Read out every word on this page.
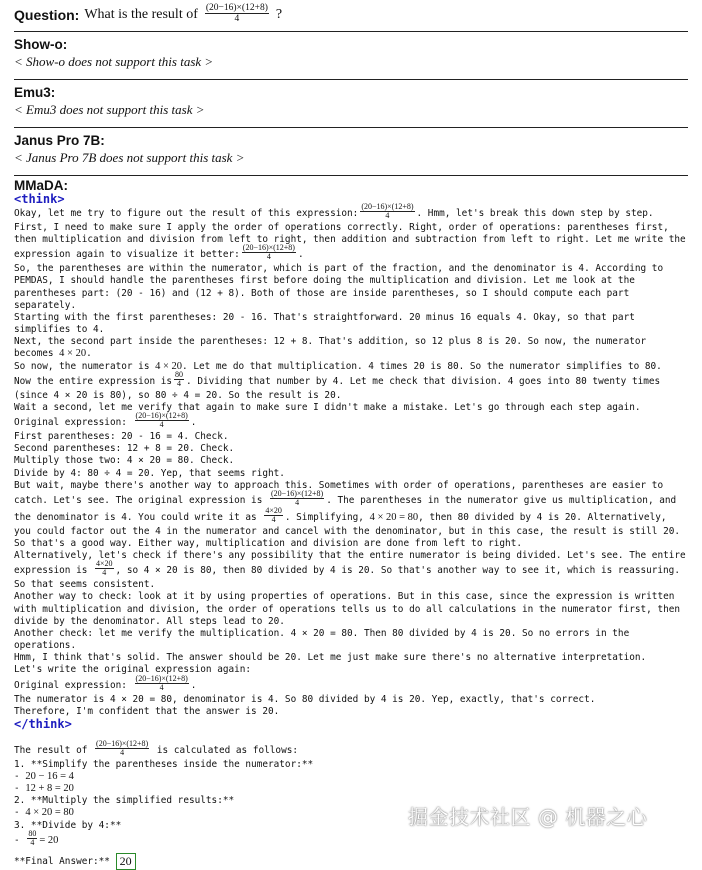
Question: What is the result of $\frac{(20-16)\times(12+8)}{4}$ ?
Show-o:
< Show-o does not support this task >
Emu3:
< Emu3 does not support this task >
Janus Pro 7B:
< Janus Pro 7B does not support this task >
MMaDA:
<think>

Okay, let me try to figure out the result of this expression: $\frac{(20-16)\times(12+8)}{4}$ . Hmm, let's break this down step by step. First, I need to make sure I apply the order of operations correctly. Right, order of operations: parentheses first, then multiplication and division from left to right, then addition and subtraction from left to right. Let me write the expression again to visualize it better: $\frac{(20-16)\times(12+8)}{4}$ .

So, the parentheses are within the numerator, which is part of the fraction, and the denominator is 4. According to PEMDAS, I should handle the parentheses first before doing the multiplication and division. Let me look at the parentheses part: (20 - 16) and (12 + 8). Both of those are inside parentheses, so I should compute each part separately.

Starting with the first parentheses: 20 - 16. That's straightforward. 20 minus 16 equals 4. Okay, so that part simplifies to 4.

Next, the second part inside the parentheses: 12 + 8. That's addition, so 12 plus 8 is 20. So now, the numerator becomes 4 × 20.

So now, the numerator is 4 × 20. Let me do that multiplication. 4 times 20 is 80. So the numerator simplifies to 80.

Now the entire expression is $\frac{80}{4}$ . Dividing that number by 4. Let me check that division. 4 goes into 80 twenty times (since 4 × 20 is 80), so 80 ÷ 4 = 20. So the result is 20.

Wait a second, let me verify that again to make sure I didn't make a mistake. Let's go through each step again.

Original expression: $\frac{(20-16)\times(12+8)}{4}$ .

First parentheses: 20 - 16 = 4. Check.

Second parentheses: 12 + 8 = 20. Check.

Multiply those two: 4 × 20 = 80. Check.

Divide by 4: 80 ÷ 4 = 20. Yep, that seems right.

But wait, maybe there's another way to approach this. Sometimes with order of operations, parentheses are easier to catch. Let's see. The original expression is $\frac{(20-16)\times(12+8)}{4}$ . The parentheses in the numerator give us multiplication, and the denominator is 4. You could write it as $\frac{4\times 20}{4}$ . Simplifying, 4 × 20 = 80, then 80 divided by 4 is 20. Alternatively, you could factor out the 4 in the numerator and cancel with the denominator, but in this case, the result is still 20. So that's a good way. Either way, multiplication and division are done from left to right.

Alternatively, let's check if there's any possibility that the entire numerator is being divided. Let's see. The entire expression is $\frac{4\times 20}{4}$ , so 4 × 20 is 80, then 80 divided by 4 is 20. So that's another way to see it, which is reassuring. So that seems consistent.

Another way to check: look at it by using properties of operations. But in this case, since the expression is written with multiplication and division, the order of operations tells us to do all calculations in the numerator first, then divide by the denominator. All steps lead to 20.

Another check: let me verify the multiplication. 4 × 20 = 80. Then 80 divided by 4 is 20. So no errors in the operations.

Hmm, I think that's solid. The answer should be 20. Let me just make sure there's no alternative interpretation.

Let's write the original expression again:

Original expression: $\frac{(20-16)\times(12+8)}{4}$ .

The numerator is 4 × 20 = 80, denominator is 4. So 80 divided by 4 is 20. Yep, exactly, that's correct.

Therefore, I'm confident that the answer is 20.

</think>

The result of $\frac{(20-16)\times(12+8)}{4}$ is calculated as follows:

1. **Simplify the parentheses inside the numerator:**

- 20 − 16 = 4

- 12 + 8 = 20

2. **Multiply the simplified results:**

- 4 × 20 = 80

3. **Divide by 4:**

- $\frac{80}{4} = 20$

**Final Answer:** 20

掘金技术社区 @ 机器之心
